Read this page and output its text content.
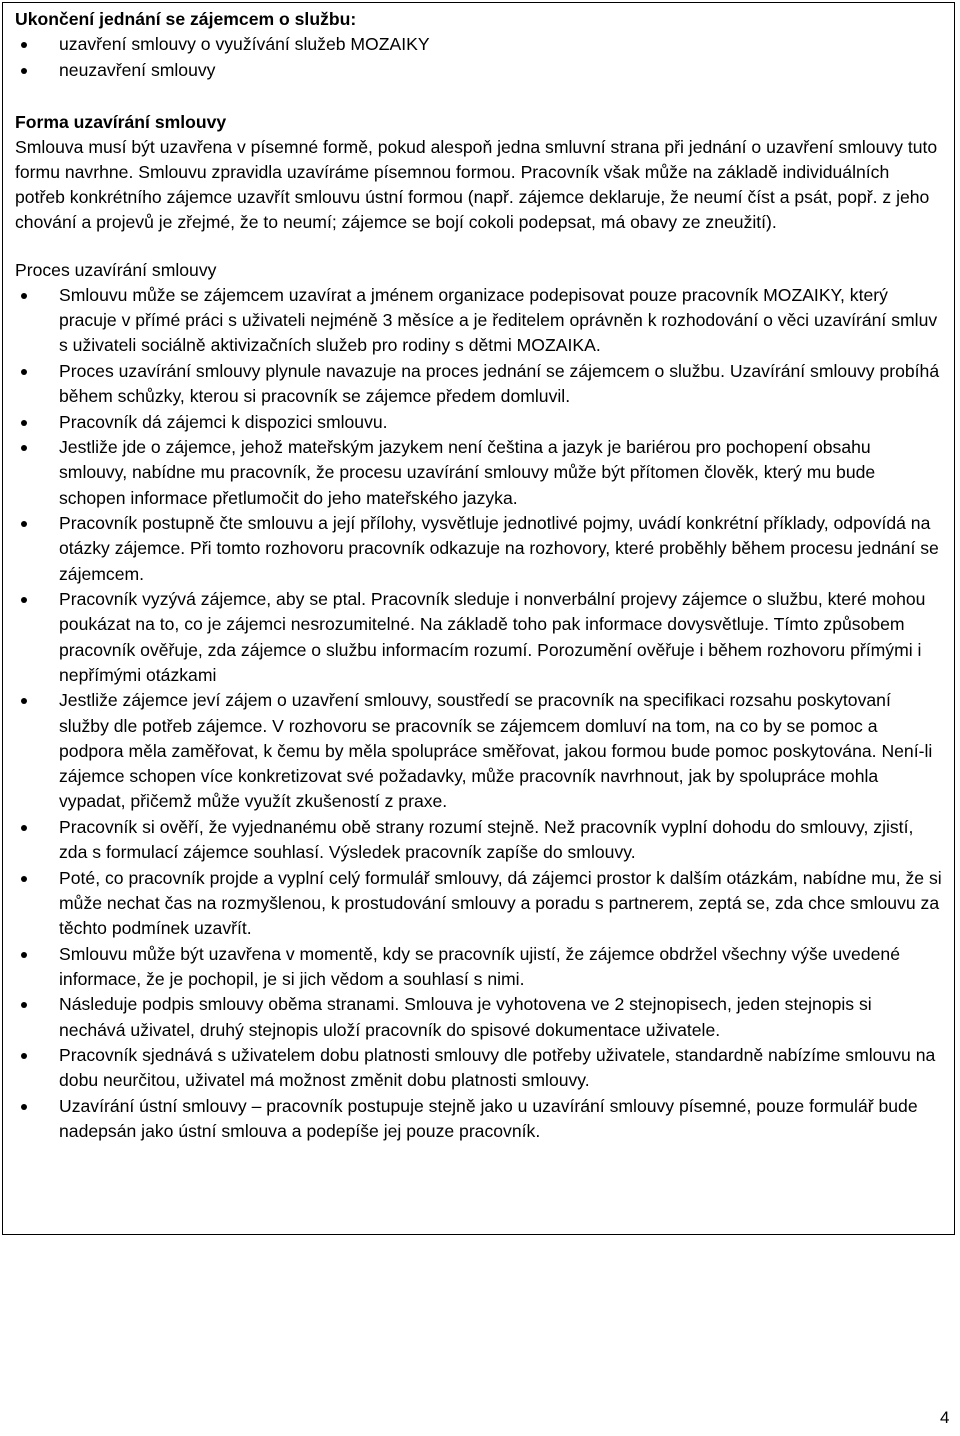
Ukončení jednání se zájemcem o službu:

uzavření smlouvy o využívání služeb MOZAIKY
neuzavření smlouvy

Forma uzavírání smlouvy

Smlouva musí být uzavřena v písemné formě, pokud alespoň jedna smluvní strana při jednání o uzavření smlouvy tuto formu navrhne. Smlouvu zpravidla uzavíráme písemnou formou. Pracovník však může na základě individuálních potřeb konkrétního zájemce uzavřít smlouvu ústní formou (např. zájemce deklaruje, že neumí číst a psát, popř. z jeho chování a projevů je zřejmé, že to neumí; zájemce se bojí cokoli podepsat, má obavy ze zneužití).

Proces uzavírání smlouvy

Smlouvu může se zájemcem uzavírat a jménem organizace podepisovat pouze pracovník MOZAIKY, který pracuje v přímé práci s uživateli nejméně 3 měsíce a je ředitelem oprávněn k rozhodování o věci uzavírání smluv s uživateli sociálně aktivizačních služeb pro rodiny s dětmi MOZAIKA.
Proces uzavírání smlouvy plynule navazuje na proces jednání se zájemcem o službu. Uzavírání smlouvy probíhá během schůzky, kterou si pracovník se zájemce předem domluvil.
Pracovník dá zájemci k dispozici smlouvu.
Jestliže jde o zájemce, jehož mateřským jazykem není čeština a jazyk je bariérou pro pochopení obsahu smlouvy, nabídne mu pracovník, že procesu uzavírání smlouvy může být přítomen člověk, který mu bude schopen informace přetlumočit do jeho mateřského jazyka.
Pracovník postupně čte smlouvu a její přílohy, vysvětluje jednotlivé pojmy, uvádí konkrétní příklady, odpovídá na otázky zájemce. Při tomto rozhovoru pracovník odkazuje na rozhovory, které proběhly během procesu jednání se zájemcem.
Pracovník vyzývá zájemce, aby se ptal. Pracovník sleduje i nonverbální projevy zájemce o službu, které mohou poukázat na to, co je zájemci nesrozumitelné. Na základě toho pak informace dovysvětluje. Tímto způsobem pracovník ověřuje, zda zájemce o službu informacím rozumí. Porozumění ověřuje i během rozhovoru přímými i nepřímými otázkami
Jestliže zájemce jeví zájem o uzavření smlouvy, soustředí se pracovník na specifikaci rozsahu poskytovaní služby dle potřeb zájemce. V rozhovoru se pracovník se zájemcem domluví na tom, na co by se pomoc a podpora měla zaměřovat, k čemu by měla spolupráce směřovat, jakou formou bude pomoc poskytována. Není-li zájemce schopen více konkretizovat své požadavky, může pracovník navrhnout, jak by spolupráce mohla vypadat, přičemž může využít zkušeností z praxe.
Pracovník si ověří, že vyjednanému obě strany rozumí stejně. Než pracovník vyplní dohodu do smlouvy, zjistí, zda s formulací zájemce souhlasí. Výsledek pracovník zapíše do smlouvy.
Poté, co pracovník projde a vyplní celý formulář smlouvy, dá zájemci prostor k dalším otázkám, nabídne mu, že si může nechat čas na rozmyšlenou, k prostudování smlouvy a poradu s partnerem, zeptá se, zda chce smlouvu za těchto podmínek uzavřít.
Smlouvu může být uzavřena v momentě, kdy se pracovník ujistí, že zájemce obdržel všechny výše uvedené informace, že je pochopil, je si jich vědom a souhlasí s nimi.
Následuje podpis smlouvy oběma stranami. Smlouva je vyhotovena ve 2 stejnopisech, jeden stejnopis si nechává uživatel, druhý stejnopis uloží pracovník do spisové dokumentace uživatele.
Pracovník sjednává s uživatelem dobu platnosti smlouvy dle potřeby uživatele, standardně nabízíme smlouvu na dobu neurčitou, uživatel má možnost změnit dobu platnosti smlouvy.
Uzavírání ústní smlouvy – pracovník postupuje stejně jako u uzavírání smlouvy písemné, pouze formulář bude nadepsán jako ústní smlouva a podepíše jej pouze pracovník.
4
